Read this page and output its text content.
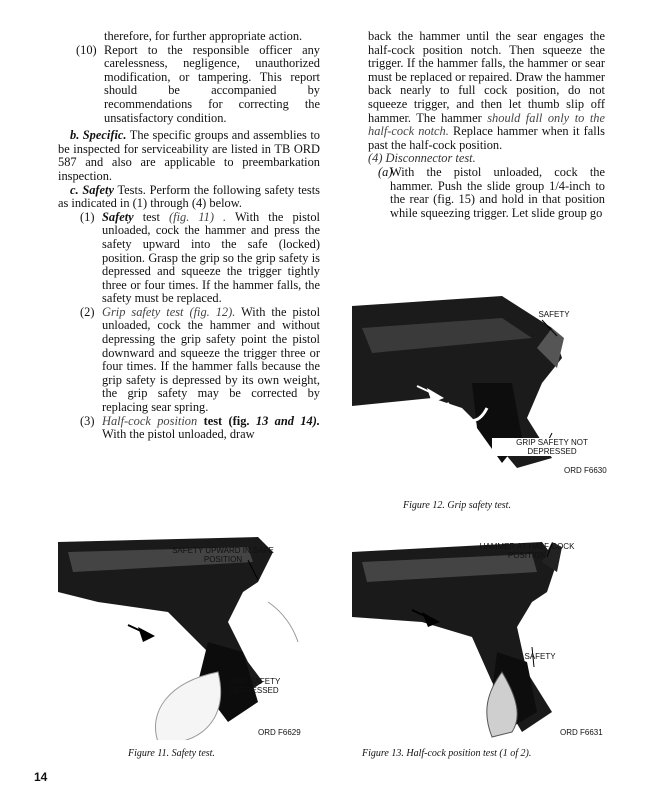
therefore, for further appropriate action.

(10) Report to the responsible officer any carelessness, negligence, unauthorized modification, or tampering. This report should be accompanied by recommendations for correcting the unsatisfactory condition.

b. Specific. The specific groups and assemblies to be inspected for serviceability are listed in TB ORD 587 and also are applicable to preembarkation inspection.

c. Safety Tests. Perform the following safety tests as indicated in (1) through (4) below.

(1) Safety test (fig. 11) . With the pistol unloaded, cock the hammer and press the safety upward into the safe (locked) position. Grasp the grip so the grip safety is depressed and squeeze the trigger tightly three or four times. If the hammer falls, the safety must be replaced.

(2) Grip safety test (fig. 12). With the pistol unloaded, cock the hammer and without depressing the grip safety point the pistol downward and squeeze the trigger three or four times. If the hammer falls because the grip safety is depressed by its own weight, the grip safety may be corrected by replacing sear spring.

(3) Half-cock position test (fig. 13 and 14). With the pistol unloaded, draw

back the hammer until the sear engages the half-cock position notch. Then squeeze the trigger. If the hammer falls, the hammer or sear must be replaced or repaired. Draw the hammer back nearly to full cock position, do not squeeze trigger, and then let thumb slip off hammer. The hammer should fall only to the half-cock notch. Replace hammer when it falls past the half-cock position.

(4) Disconnector test.

(a)
With the pistol unloaded, cock the hammer. Push the slide group 1/4-inch to the rear (fig. 15) and hold in that position while squeezing trigger. Let slide group go

SAFETY
GRIP SAFETY NOT DEPRESSED
ORD F6630
Figure 12. Grip safety test.
SAFETY UPWARD IN SAFE POSITION
GRIP SAFETY DEPRESSED
ORD F6629
Figure 11. Safety test.
HAMMER AT HALF COCK POSITION
SAFETY
ORD F6631
Figure 13. Half-cock position test (1 of 2).
14
